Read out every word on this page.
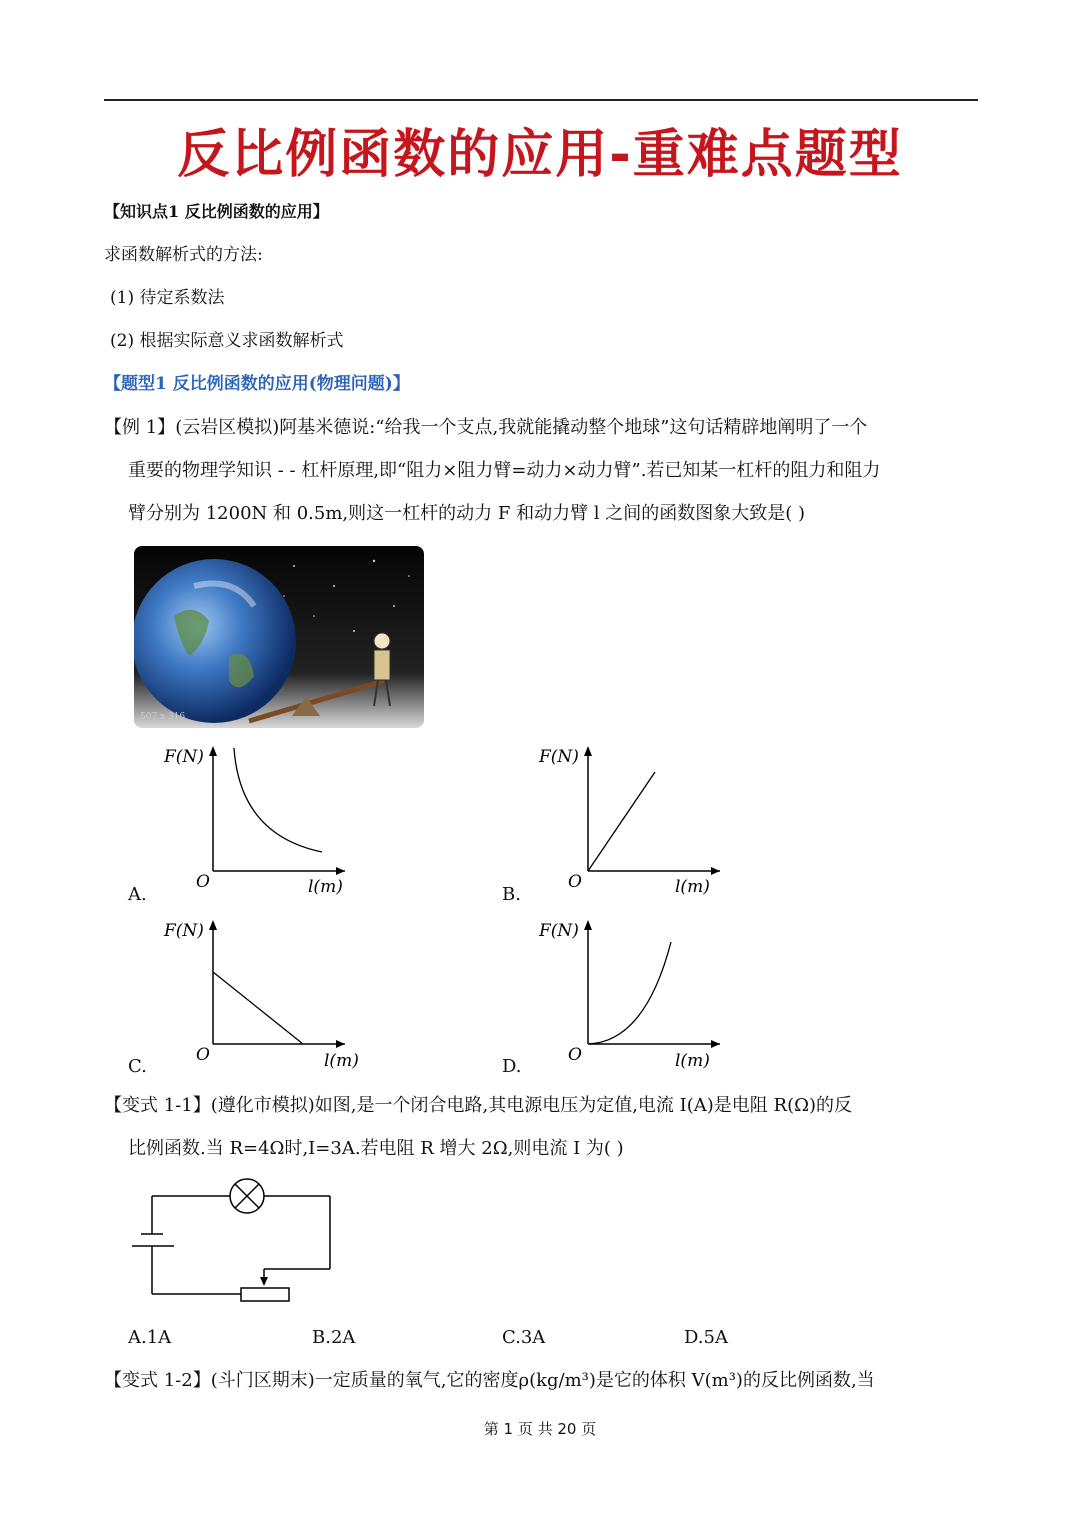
反比例函数的应用-重难点题型
【知识点1 反比例函数的应用】
求函数解析式的方法:
(1) 待定系数法
(2) 根据实际意义求函数解析式
【题型1 反比例函数的应用(物理问题)】
【例 1】(云岩区模拟)阿基米德说:“给我一个支点,我就能撬动整个地球”这句话精辟地阐明了一个
重要的物理学知识 - - 杠杆原理,即“阻力×阻力臂=动力×动力臂”.若已知某一杠杆的阻力和阻力
臂分别为 1200N 和 0.5m,则这一杠杆的动力 F 和动力臂 l 之间的函数图象大致是( )
507 x 316
A.
F(N)
O	l(m)	B.
F(N)
O	l(m)
C.
F(N)
O	l(m)	D.
F(N)
O	l(m)
【变式 1-1】(遵化市模拟)如图,是一个闭合电路,其电源电压为定值,电流 I(A)是电阻 R(Ω)的反
比例函数.当 R=4Ω时,I=3A.若电阻 R 增大 2Ω,则电流 I 为( )
A.1A	B.2A	C.3A	D.5A
【变式 1-2】(斗门区期末)一定质量的氧气,它的密度ρ(kg/m³)是它的体积 V(m³)的反比例函数,当
第 1 页 共 20 页
